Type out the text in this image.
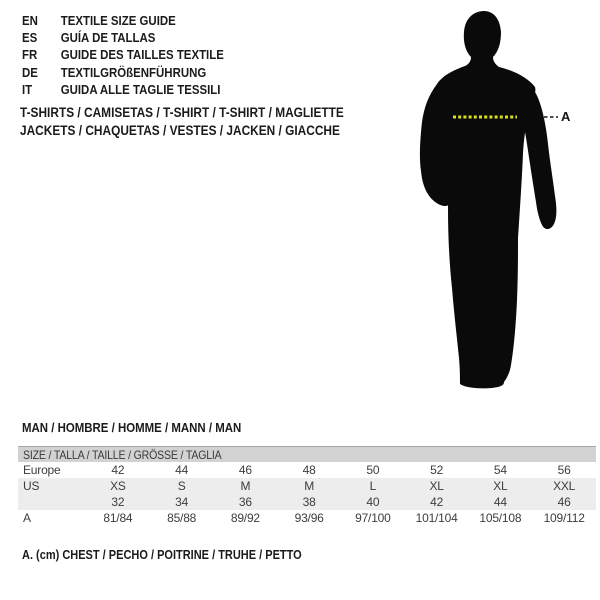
EN	TEXTILE SIZE GUIDE
ES	GUÍA DE TALLAS
FR	GUIDE DES TAILLES TEXTILE
DE	TEXTILGRÖßENFÜHRUNG
IT	GUIDA ALLE TAGLIE TESSILI
T-SHIRTS / CAMISETAS / T-SHIRT / T-SHIRT / MAGLIETTE JACKETS / CHAQUETAS / VESTES / JACKEN / GIACCHE
A
MAN / HOMBRE / HOMME / MANN / MAN
SIZE / TALLA / TAILLE / GRÖSSE / TAGLIA								
Europe	42	44	46	48	50	52	54	56
US	XS	S	M	M	L	XL	XL	XXL
	32	34	36	38	40	42	44	46
A	81/84	85/88	89/92	93/96	97/100	101/104	105/108	109/112
A. (cm) CHEST / PECHO / POITRINE / TRUHE / PETTO
